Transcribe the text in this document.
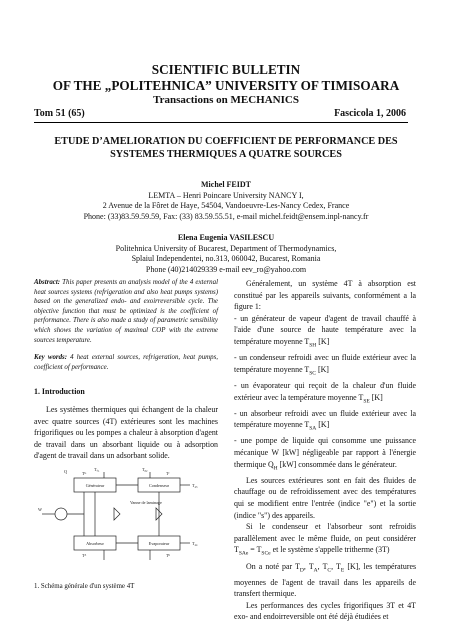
SCIENTIFIC BULLETIN
OF THE „POLITEHNICA” UNIVERSITY OF TIMISOARA
Transactions on MECHANICS
Tom 51 (65)	Fascicola 1, 2006
ETUDE D’AMELIORATION DU COEFFICIENT DE PERFORMANCE DES
SYSTEMES THERMIQUES A QUATRE SOURCES
Michel FEIDT
LEMTA – Henri Poincare University NANCY I,
2 Avenue de la Fôret de Haye, 54504, Vandoeuvre-Les-Nancy Cedex, France
Phone: (33)83.59.59.59, Fax: (33) 83.59.55.51, e-mail michel.feidt@ensem.inpl-nancy.fr
Elena Eugenia VASILESCU
Politehnica University of Bucarest, Department of Thermodynamics,
Splaiul Independentei, no.313, 060042, Bucarest, Romania
Phone (40)214029339 e-mail eev_ro@yahoo.com
Abstract: This paper presents an analysis model of the 4 external heat sources systems (refrigeration and also heat pumps systems) based on the generalized endo- and exoirreversible cycle. The objective function that must be optimized is the coefficient of performance. There is also made a study of parametric sensibility which shows the variation of maximal COP with the extreme sources temperature.
Key words: 4 heat external sources, refrigeration, heat pumps, coefficient of performance.
1. Introduction
Les systèmes thermiques qui échangent de la chaleur avec quatre sources (4T) extérieures sont les machines frigorifiques ou les pompes a chaleur à absorption d'agent de travail dans un absorbant liquide ou à adsorption d'agent de travail dans un adsorbant solide.
Générateur	Condenseur
Absorbeur	Evaporateur
Vanne de laminage
W
Q	Tᴳ	Tᶜ
Tᴬ	Tᴱ
Tₛ₁	T₈₂
T₄₃
T₄₄
1. Schéma générale d'un système 4T

Généralement, un système 4T à absorption est constitué par les appareils suivants, conformément a la figure 1:

- un générateur de vapeur d'agent de travail chauffé à l'aide d'une source de haute température avec la température moyenne $T_{SH}$ [K]

- un condenseur refroidi avec un fluide extérieur avec la température moyenne $T_{SC}$ [K]

- un évaporateur qui reçoit de la chaleur d'un fluide extérieur avec la température moyenne $T_{SE}$ [K]

- un absorbeur refroidi avec un fluide extérieur avec la température moyenne $T_{SA}$ [K]

- une pompe de liquide qui consomme une puissance mécanique W [kW] négligeable par rapport à l'énergie thermique $Q_H$ [kW] consommée dans le générateur.

Les sources extérieures sont en fait des fluides de chauffage ou de refroidissement avec des températures qui se modifient entre l'entrée (indice "e") et la sortie (indice "s") des appareils.

Si le condenseur et l'absorbeur sont refroidis parallèlement avec le même fluide, on peut considérer $T_{SAe} = T_{SCe}$ et le système s'appelle tritherme (3T)

On a noté par $T_D$, $T_A$, $T_C$, $T_E$ [K], les températures moyennes de l'agent de travail dans les appareils de transfert thermique.

Les performances des cycles frigorifiques 3T et 4T exo- and endoirreversible ont été déjà étudiées et
